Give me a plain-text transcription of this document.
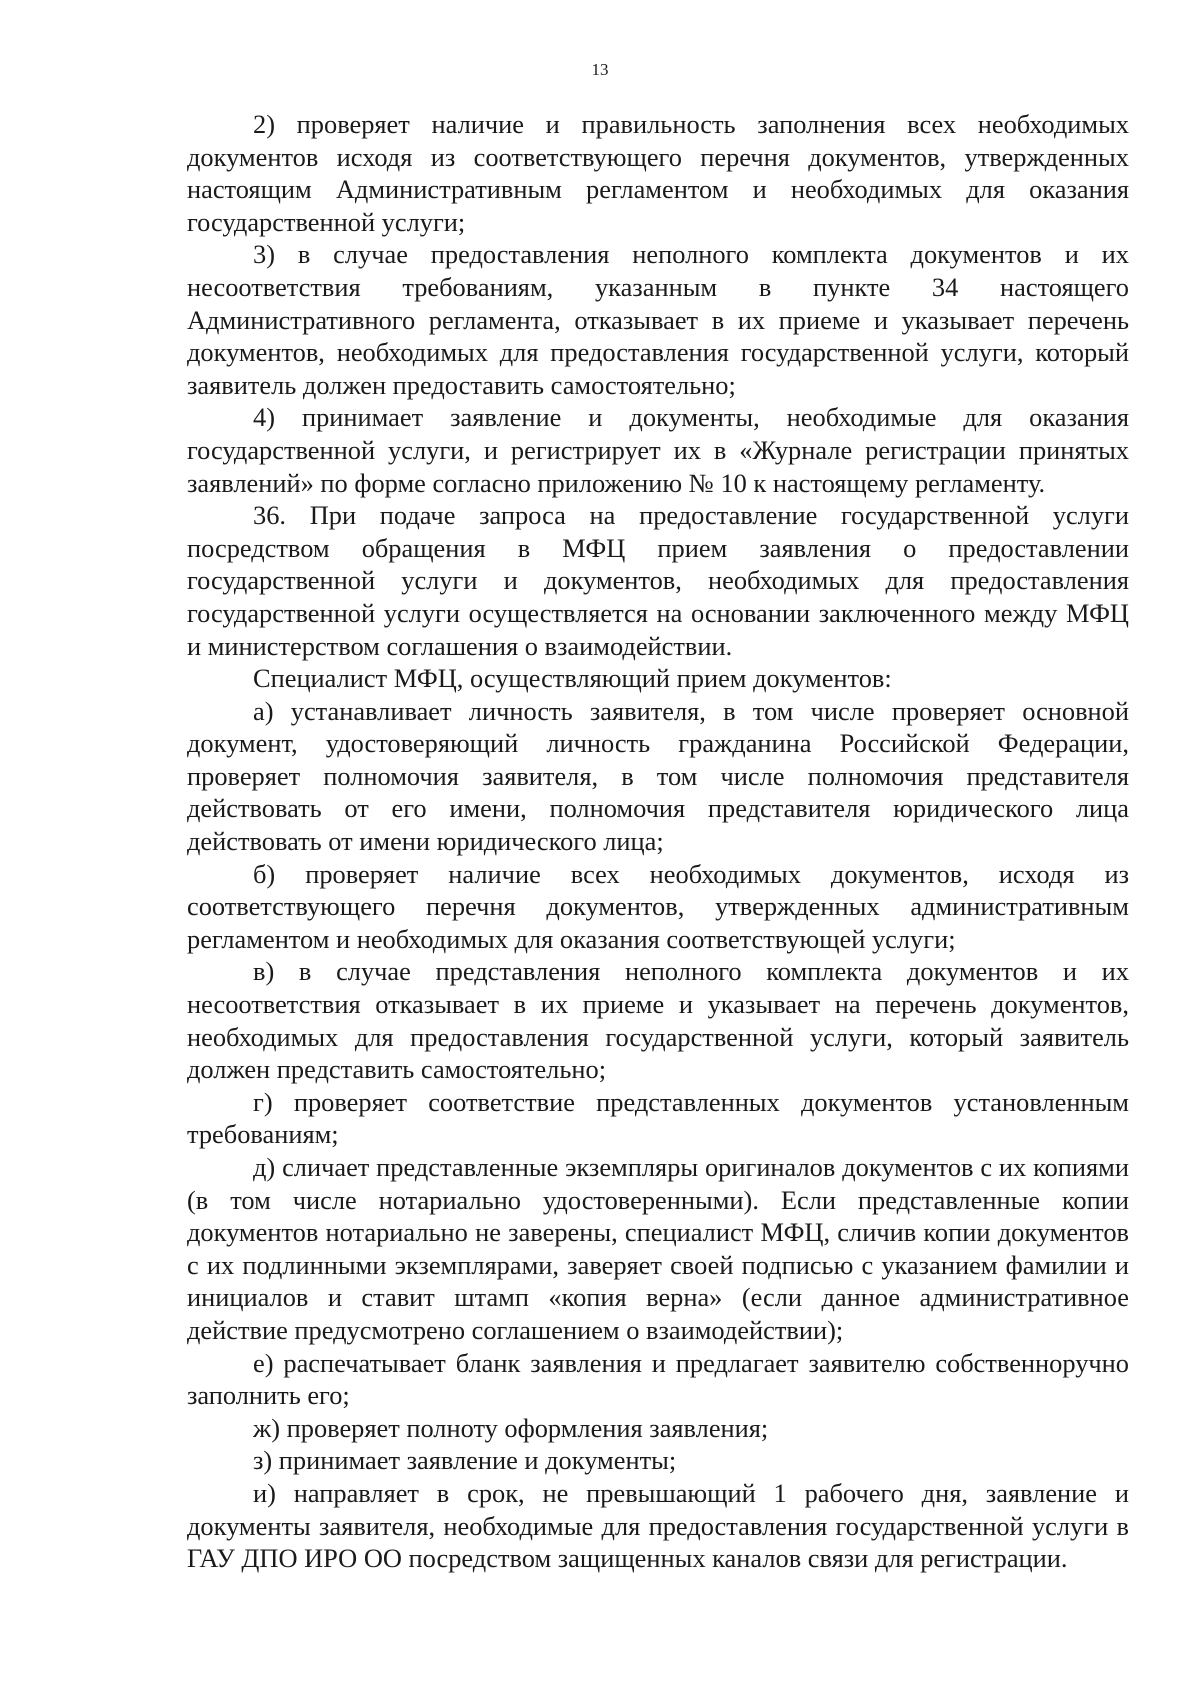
13

2) проверяет наличие и правильность заполнения всех необходимых документов исходя из соответствующего перечня документов, утвержденных настоящим Административным регламентом и необходимых для оказания государственной услуги;

3) в случае предоставления неполного комплекта документов и их несоответствия требованиям, указанным в пункте 34 настоящего Административного регламента, отказывает в их приеме и указывает перечень документов, необходимых для предоставления государственной услуги, который заявитель должен предоставить самостоятельно;

4) принимает заявление и документы, необходимые для оказания государственной услуги, и регистрирует их в «Журнале регистрации принятых заявлений» по форме согласно приложению № 10 к настоящему регламенту.

36. При подаче запроса на предоставление государственной услуги посредством обращения в МФЦ прием заявления о предоставлении государственной услуги и документов, необходимых для предоставления государственной услуги осуществляется на основании заключенного между МФЦ и министерством соглашения о взаимодействии.

Специалист МФЦ, осуществляющий прием документов:

а) устанавливает личность заявителя, в том числе проверяет основной документ, удостоверяющий личность гражданина Российской Федерации, проверяет полномочия заявителя, в том числе полномочия представителя действовать от его имени, полномочия представителя юридического лица действовать от имени юридического лица;

б) проверяет наличие всех необходимых документов, исходя из соответствующего перечня документов, утвержденных административным регламентом и необходимых для оказания соответствующей услуги;

в) в случае представления неполного комплекта документов и их несоответствия отказывает в их приеме и указывает на перечень документов, необходимых для предоставления государственной услуги, который заявитель должен представить самостоятельно;

г) проверяет соответствие представленных документов установленным требованиям;

д) сличает представленные экземпляры оригиналов документов с их копиями (в том числе нотариально удостоверенными). Если представленные копии документов нотариально не заверены, специалист МФЦ, сличив копии документов с их подлинными экземплярами, заверяет своей подписью с указанием фамилии и инициалов и ставит штамп «копия верна» (если данное административное действие предусмотрено соглашением о взаимодействии);

е) распечатывает бланк заявления и предлагает заявителю собственноручно заполнить его;

ж) проверяет полноту оформления заявления;

з) принимает заявление и документы;

и) направляет в срок, не превышающий 1 рабочего дня, заявление и документы заявителя, необходимые для предоставления государственной услуги в ГАУ ДПО ИРО ОО посредством защищенных каналов связи для регистрации.
